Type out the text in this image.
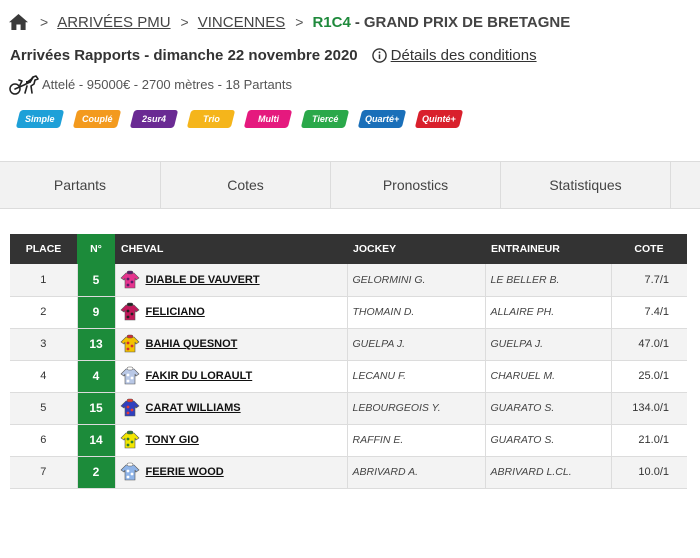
> ARRIVÉES PMU > VINCENNES > R1C4 - GRAND PRIX DE BRETAGNE
Arrivées Rapports - dimanche 22 novembre 2020 Détails des conditions
Attelé - 95000€ - 2700 mètres - 18 Partants
Simple	Couplé	2sur4	Trio	Multi	Tiercé	Quarté+	Quinté+
Partants	Cotes	Pronostics	Statistiques
PLACE	N°	CHEVAL	JOCKEY	ENTRAINEUR	COTE
1	5	DIABLE DE VAUVERT	GELORMINI G.	LE BELLER B.	7.7/1
2	9	FELICIANO	THOMAIN D.	ALLAIRE PH.	7.4/1
3	13	BAHIA QUESNOT	GUELPA J.	GUELPA J.	47.0/1
4	4	FAKIR DU LORAULT	LECANU F.	CHARUEL M.	25.0/1
5	15	CARAT WILLIAMS	LEBOURGEOIS Y.	GUARATO S.	134.0/1
6	14	TONY GIO	RAFFIN E.	GUARATO S.	21.0/1
7	2	FEERIE WOOD	ABRIVARD A.	ABRIVARD L.CL.	10.0/1
